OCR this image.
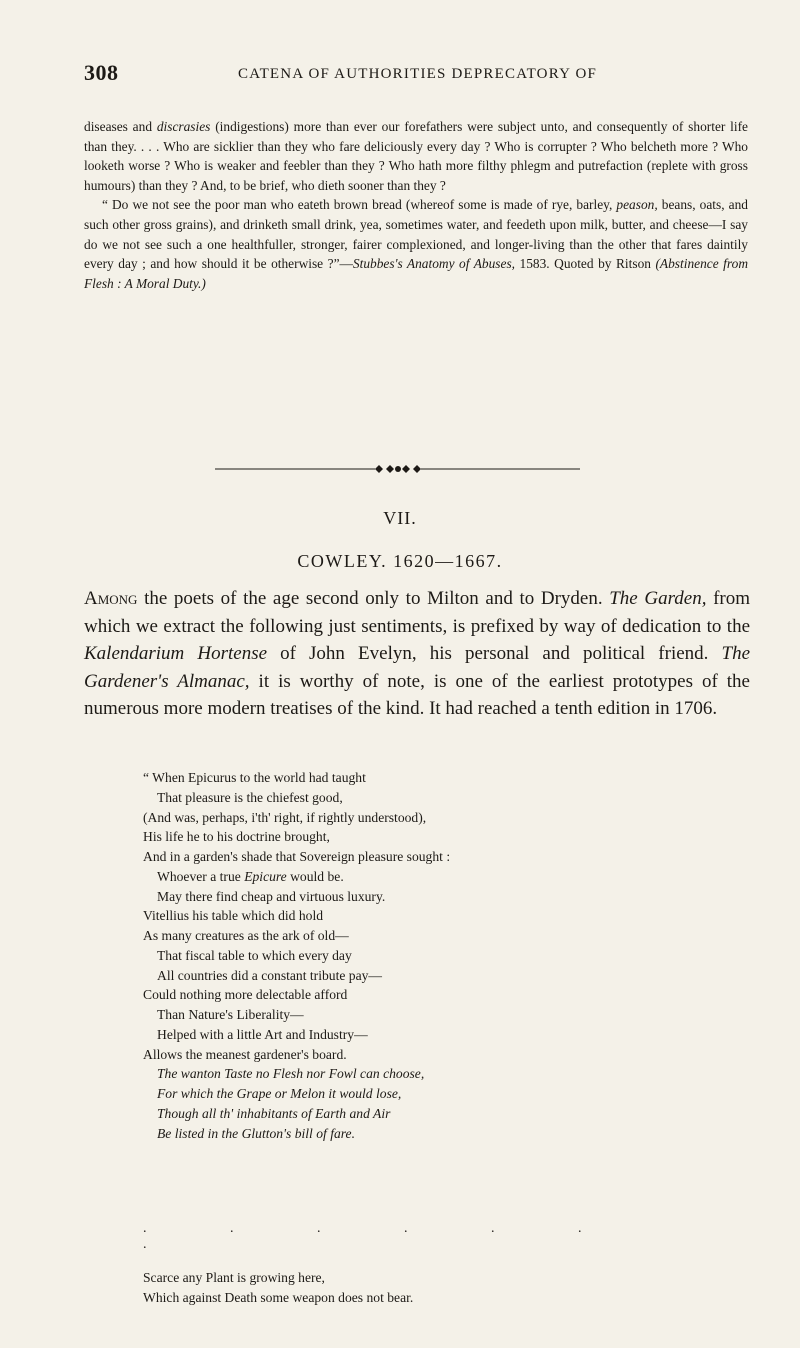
308	CATENA OF AUTHORITIES DEPRECATORY OF

diseases and discrasies (indigestions) more than ever our forefathers were subject unto, and consequently of shorter life than they. . . . Who are sicklier than they who fare deliciously every day ? Who is corrupter ? Who belcheth more ? Who looketh worse ? Who is weaker and feebler than they ? Who hath more filthy phlegm and putrefaction (replete with gross humours) than they ? And, to be brief, who dieth sooner than they ?

“ Do we not see the poor man who eateth brown bread (whereof some is made of rye, barley, peason, beans, oats, and such other gross grains), and drinketh small drink, yea, sometimes water, and feedeth upon milk, butter, and cheese—I say do we not see such a one healthfuller, stronger, fairer complexioned, and longer-living than the other that fares daintily every day ; and how should it be otherwise ?”—Stubbes's Anatomy of Abuses, 1583. Quoted by Ritson (Abstinence from Flesh : A Moral Duty.)

VII.
COWLEY. 1620—1667.

Among the poets of the age second only to Milton and to Dryden. The Garden, from which we extract the following just sentiments, is prefixed by way of dedication to the Kalendarium Hortense of John Evelyn, his personal and political friend. The Gardener's Almanac, it is worthy of note, is one of the earliest prototypes of the numerous more modern treatises of the kind. It had reached a tenth edition in 1706.

“ When Epicurus to the world had taught
That pleasure is the chiefest good,
(And was, perhaps, i'th' right, if rightly understood),
His life he to his doctrine brought,
And in a garden's shade that Sovereign pleasure sought :
Whoever a true Epicure would be.
May there find cheap and virtuous luxury.
Vitellius his table which did hold
As many creatures as the ark of old—
That fiscal table to which every day
All countries did a constant tribute pay—
Could nothing more delectable afford
Than Nature's Liberality—
Helped with a little Art and Industry—
Allows the meanest gardener's board.
The wanton Taste no Flesh nor Fowl can choose,
For which the Grape or Melon it would lose,
Though all th' inhabitants of Earth and Air
Be listed in the Glutton's bill of fare.
. . . . . . .
Scarce any Plant is growing here,
Which against Death some weapon does not bear.
